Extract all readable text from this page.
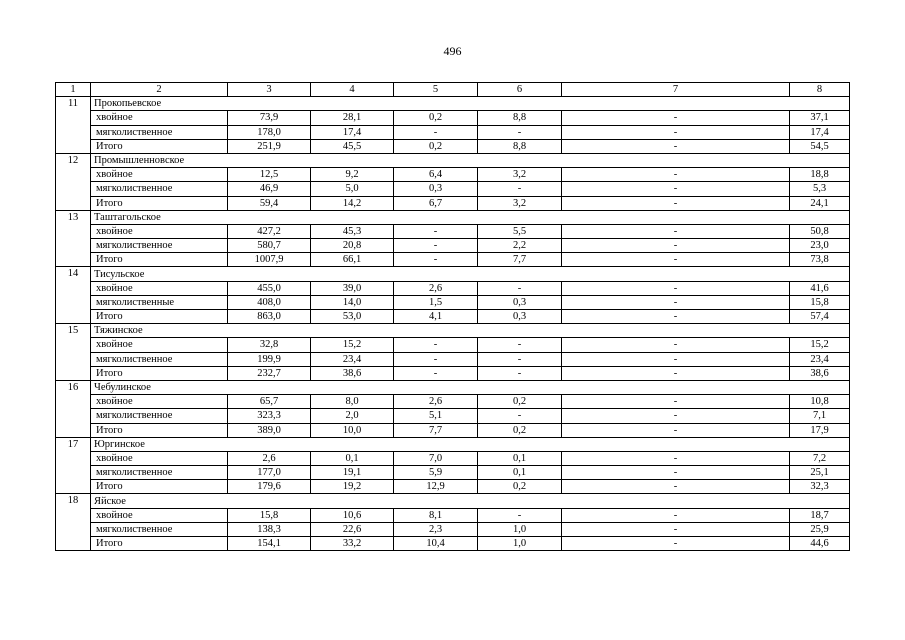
496
1	2	3	4	5	6	7	8
11	Прокопьевское						
	хвойное	73,9	28,1	0,2	8,8	-	37,1
	мягколиственное	178,0	17,4	-	-	-	17,4
	Итого	251,9	45,5	0,2	8,8	-	54,5
12	Промышленновское						
	хвойное	12,5	9,2	6,4	3,2	-	18,8
	мягколиственное	46,9	5,0	0,3	-	-	5,3
	Итого	59,4	14,2	6,7	3,2	-	24,1
13	Таштагольское						
	хвойное	427,2	45,3	-	5,5	-	50,8
	мягколиственное	580,7	20,8	-	2,2	-	23,0
	Итого	1007,9	66,1	-	7,7	-	73,8
14	Тисульское						
	хвойное	455,0	39,0	2,6	-	-	41,6
	мягколиственные	408,0	14,0	1,5	0,3	-	15,8
	Итого	863,0	53,0	4,1	0,3	-	57,4
15	Тяжинское						
	хвойное	32,8	15,2	-	-	-	15,2
	мягколиственное	199,9	23,4	-	-	-	23,4
	Итого	232,7	38,6	-	-	-	38,6
16	Чебулинское						
	хвойное	65,7	8,0	2,6	0,2	-	10,8
	мягколиственное	323,3	2,0	5,1	-	-	7,1
	Итого	389,0	10,0	7,7	0,2	-	17,9
17	Юргинское						
	хвойное	2,6	0,1	7,0	0,1	-	7,2
	мягколиственное	177,0	19,1	5,9	0,1	-	25,1
	Итого	179,6	19,2	12,9	0,2	-	32,3
18	Яйское						
	хвойное	15,8	10,6	8,1	-	-	18,7
	мягколиственное	138,3	22,6	2,3	1,0	-	25,9
	Итого	154,1	33,2	10,4	1,0	-	44,6
